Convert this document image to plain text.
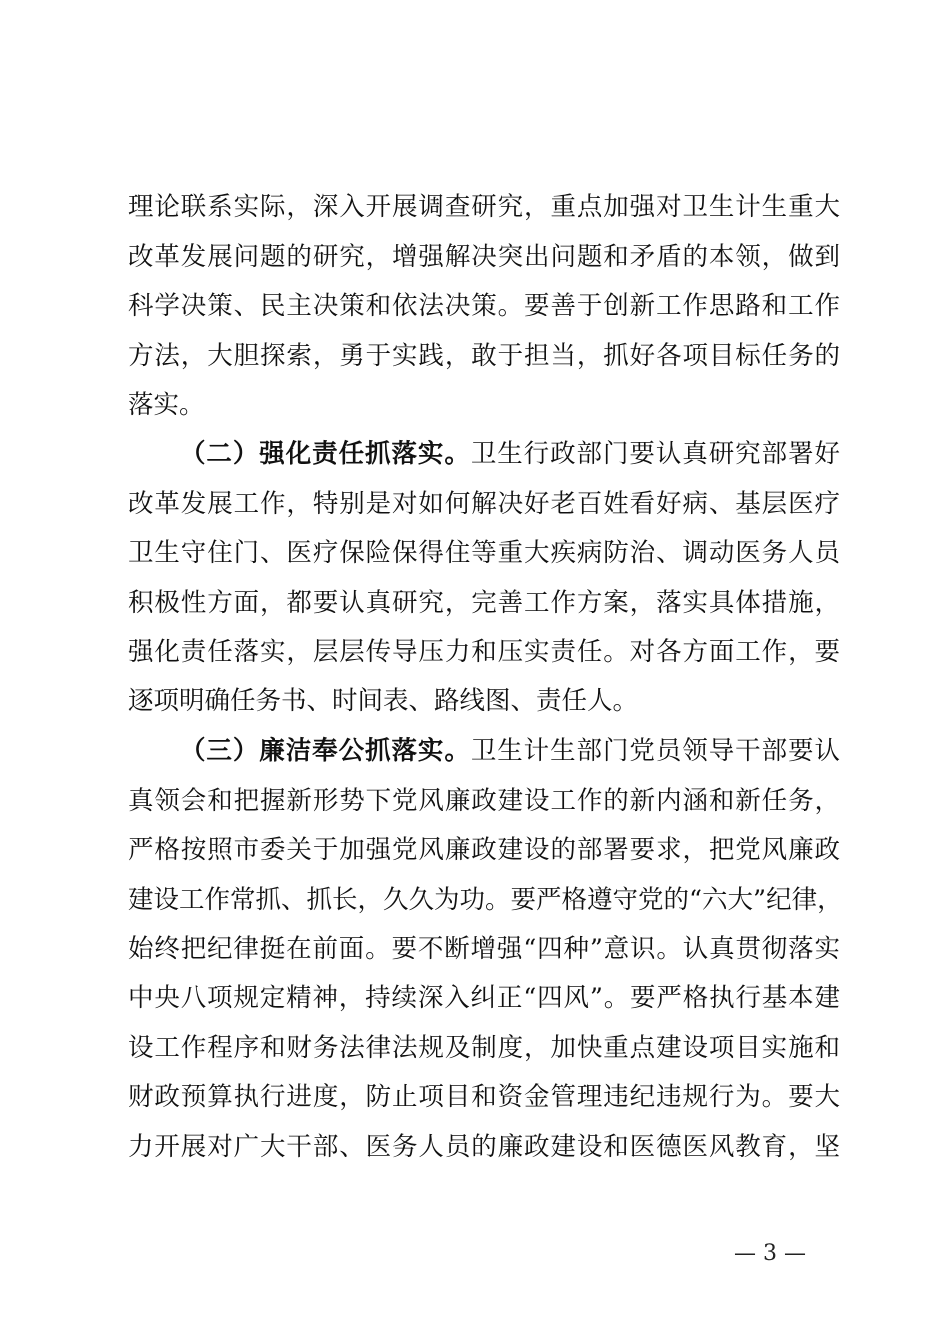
理论联系实际，深入开展调查研究，重点加强对卫生计生重大
改革发展问题的研究，增强解决突出问题和矛盾的本领，做到
科学决策、民主决策和依法决策。要善于创新工作思路和工作
方法，大胆探索，勇于实践，敢于担当，抓好各项目标任务的
落实。
（二）强化责任抓落实。卫生行政部门要认真研究部署好
改革发展工作，特别是对如何解决好老百姓看好病、基层医疗
卫生守住门、医疗保险保得住等重大疾病防治、调动医务人员
积极性方面，都要认真研究，完善工作方案，落实具体措施，
强化责任落实，层层传导压力和压实责任。对各方面工作，要
逐项明确任务书、时间表、路线图、责任人。
（三）廉洁奉公抓落实。卫生计生部门党员领导干部要认
真领会和把握新形势下党风廉政建设工作的新内涵和新任务，
严格按照市委关于加强党风廉政建设的部署要求，把党风廉政
建设工作常抓、抓长，久久为功。要严格遵守党的“六大”纪律，
始终把纪律挺在前面。要不断增强“四种”意识。认真贯彻落实
中央八项规定精神，持续深入纠正“四风”。要严格执行基本建
设工作程序和财务法律法规及制度，加快重点建设项目实施和
财政预算执行进度，防止项目和资金管理违纪违规行为。要大
力开展对广大干部、医务人员的廉政建设和医德医风教育，坚
— 3 —
